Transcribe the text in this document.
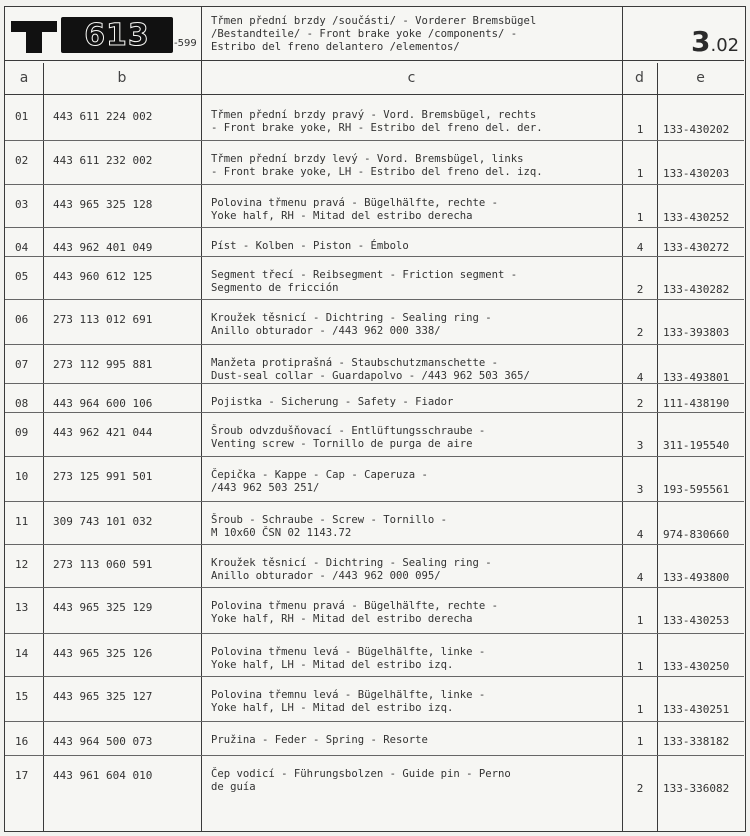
613 -599
Třmen přední brzdy /součásti/ - Vorderer Bremsbügel
/Bestandteile/ - Front brake yoke /components/ -
Estribo del freno delantero /elementos/	3.02
a	b	c	d	e
01 443 611 224 002	Třmen přední brzdy pravý - Vord. Bremsbügel, rechts
- Front brake yoke, RH - Estribo del freno del. der.	1	133-430202
02 443 611 232 002	Třmen přední brzdy levý - Vord. Bremsbügel, links
- Front brake yoke, LH - Estribo del freno del. izq.	1	133-430203
03 443 965 325 128	Polovina třmenu pravá - Bügelhälfte, rechte -
Yoke half, RH - Mitad del estribo derecha	1	133-430252
04 443 962 401 049	Píst - Kolben - Piston - Émbolo	4	133-430272
05 443 960 612 125	Segment třecí - Reibsegment - Friction segment -
Segmento de fricción	2	133-430282
06 273 113 012 691	Kroužek těsnicí - Dichtring - Sealing ring -
Anillo obturador - /443 962 000 338/	2	133-393803
07 273 112 995 881	Manžeta protiprašná - Staubschutzmanschette -
Dust-seal collar - Guardapolvo - /443 962 503 365/	4	133-493801
08 443 964 600 106	Pojistka - Sicherung - Safety - Fiador	2	111-438190
09 443 962 421 044	Šroub odvzdušňovací - Entlüftungsschraube -
Venting screw - Tornillo de purga de aire	3	311-195540
10 273 125 991 501	Čepička - Kappe - Cap - Caperuza -
/443 962 503 251/	3	193-595561
11 309 743 101 032	Šroub - Schraube - Screw - Tornillo -
M 10x60 ČSN 02 1143.72	4	974-830660
12 273 113 060 591	Kroužek těsnicí - Dichtring - Sealing ring -
Anillo obturador - /443 962 000 095/	4	133-493800
13 443 965 325 129	Polovina třmenu pravá - Bügelhälfte, rechte -
Yoke half, RH - Mitad del estribo derecha	1	133-430253
14 443 965 325 126	Polovina třmenu levá - Bügelhälfte, linke -
Yoke half, LH - Mitad del estribo izq.	1	133-430250
15 443 965 325 127	Polovina třemnu levá - Bügelhälfte, linke -
Yoke half, LH - Mitad del estribo izq.	1	133-430251
16 443 964 500 073	Pružina - Feder - Spring - Resorte	1	133-338182
17 443 961 604 010	Čep vodicí - Führungsbolzen - Guide pin - Perno
de guía	2	133-336082
